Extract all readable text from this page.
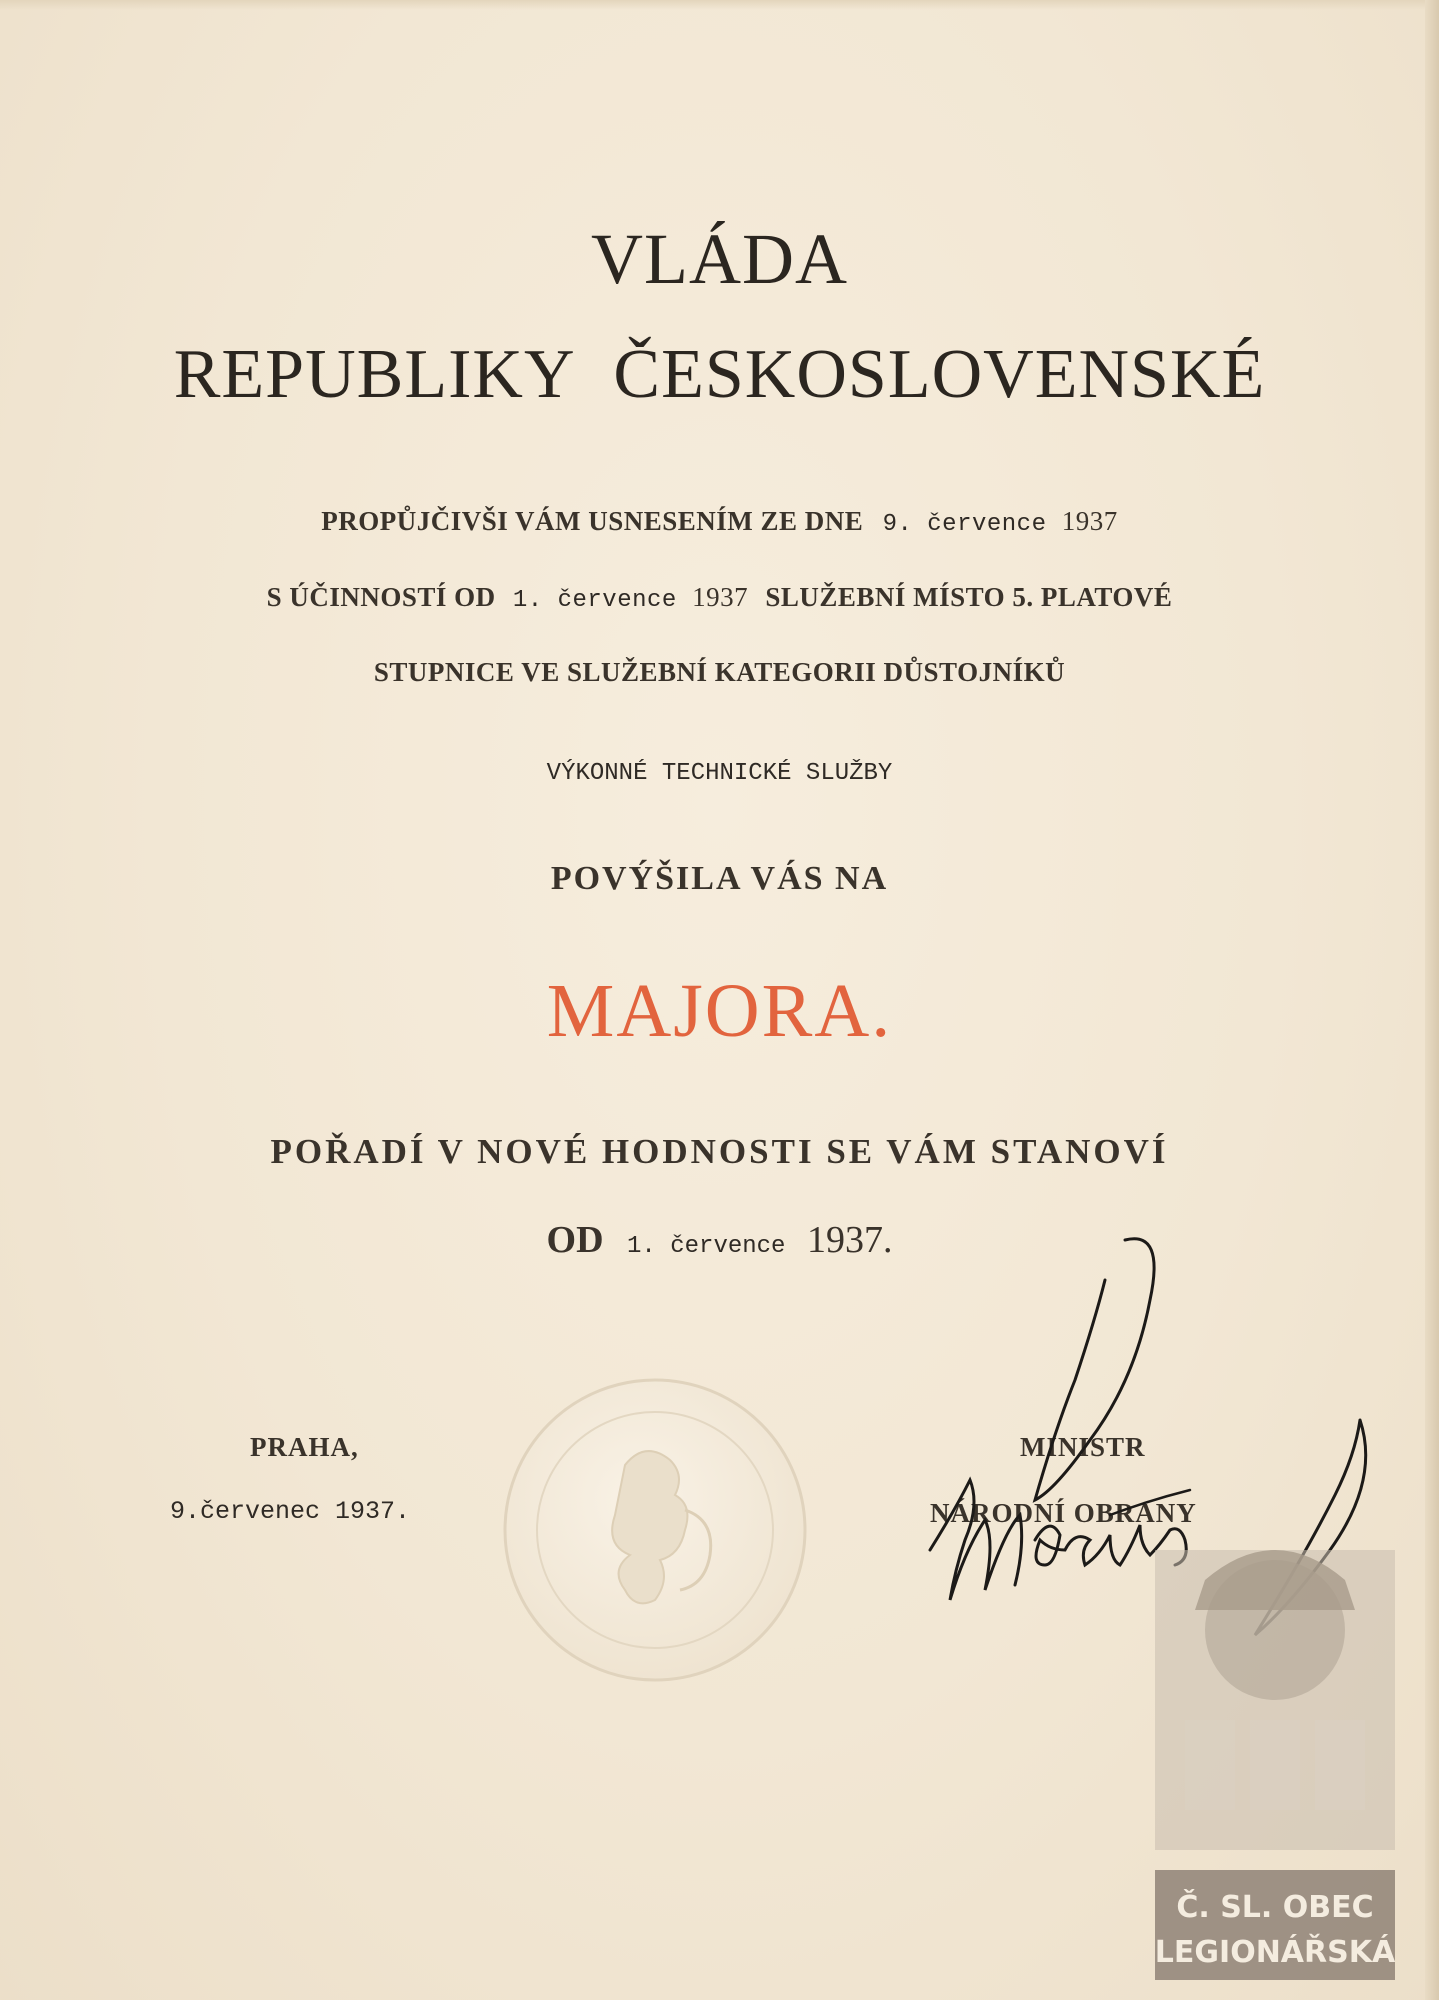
VLÁDA
REPUBLIKY ČESKOSLOVENSKÉ
PROPŮJČIVŠI VÁM USNESENÍM ZE DNE 9. července 1937
S ÚČINNOSTÍ OD 1. července 1937 SLUŽEBNÍ MÍSTO 5. PLATOVÉ
STUPNICE VE SLUŽEBNÍ KATEGORII DŮSTOJNÍKŮ
VÝKONNÉ TECHNICKÉ SLUŽBY
POVÝŠILA VÁS NA
MAJORA.
POŘADÍ V NOVÉ HODNOSTI SE VÁM STANOVÍ
OD 1. července 1937.
PRAHA,
9.červenec 1937.
MINISTR
NÁRODNÍ OBRANY
Č. SL. OBEC
LEGIONÁŘSKÁ
